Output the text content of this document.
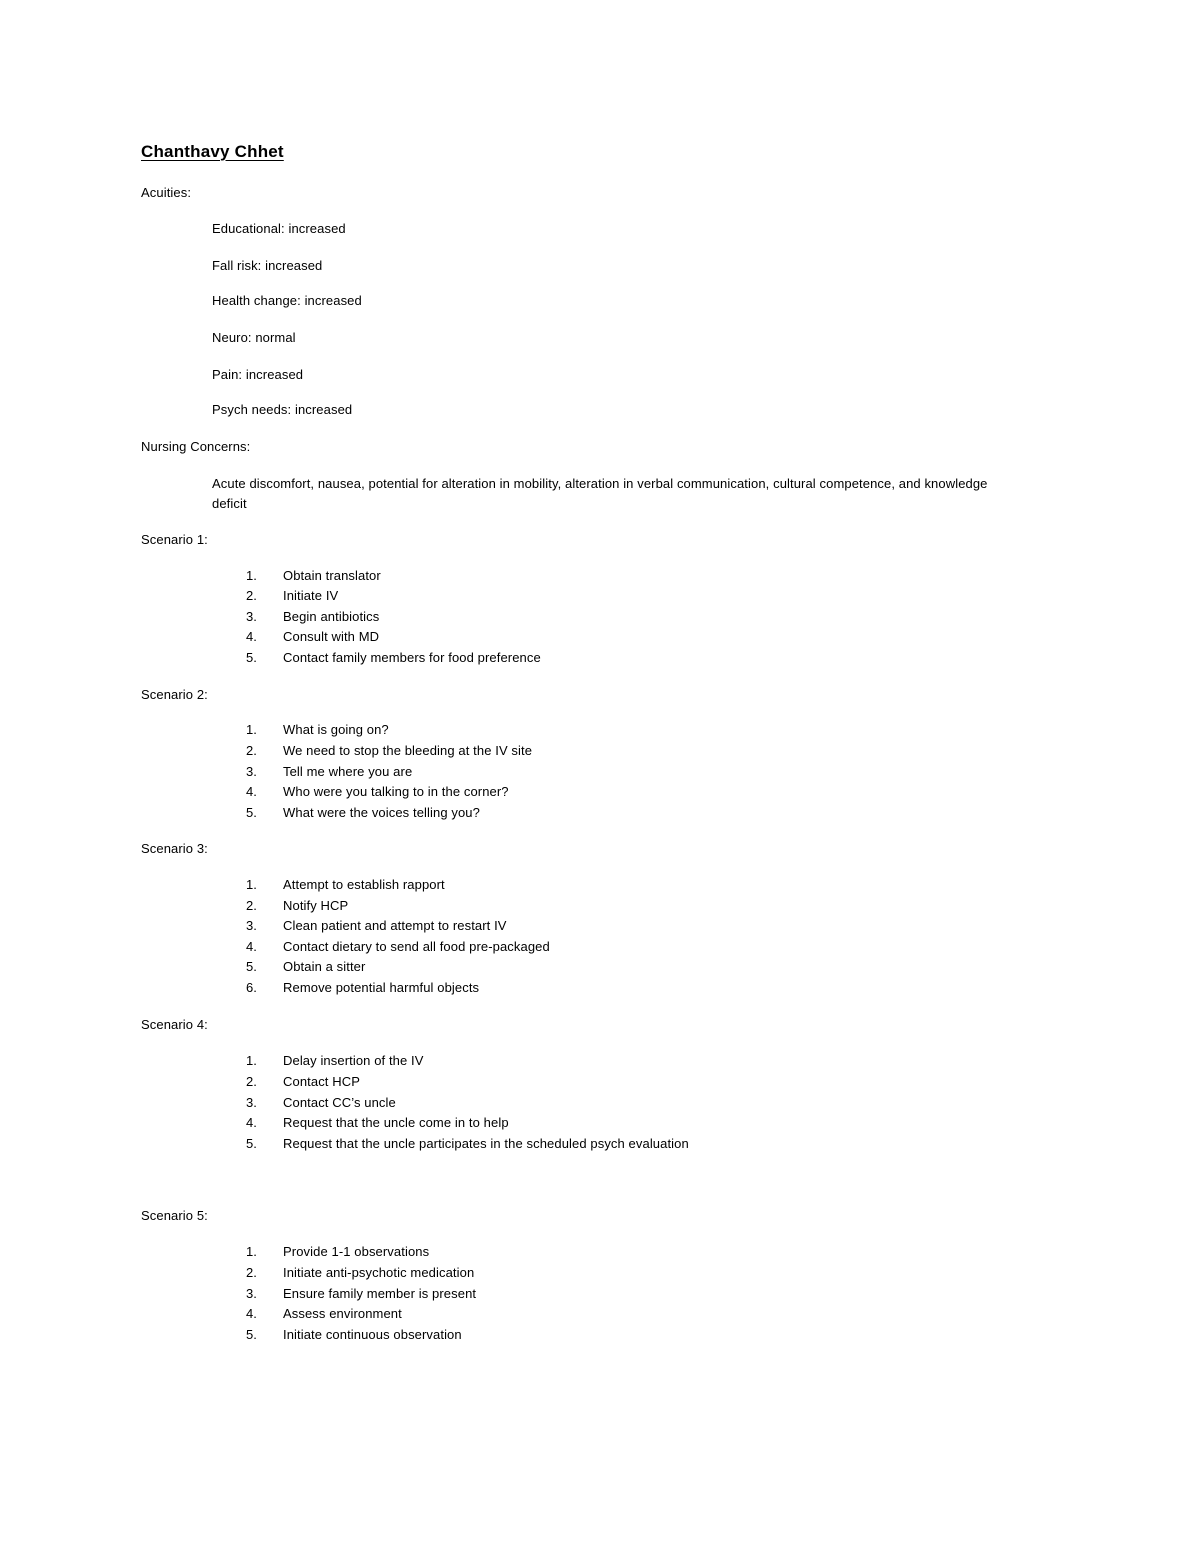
Chanthavy Chhet
Acuities:
Educational: increased
Fall risk: increased
Health change: increased
Neuro: normal
Pain: increased
Psych needs: increased
Nursing Concerns:
Acute discomfort, nausea, potential for alteration in mobility, alteration in verbal communication, cultural competence, and knowledge deficit
Scenario 1:
1.	Obtain translator
2.	Initiate IV
3.	Begin antibiotics
4.	Consult with MD
5.	Contact family members for food preference
Scenario 2:
1.	What is going on?
2.	We need to stop the bleeding at the IV site
3.	Tell me where you are
4.	Who were you talking to in the corner?
5.	What were the voices telling you?
Scenario 3:
1.	Attempt to establish rapport
2.	Notify HCP
3.	Clean patient and attempt to restart IV
4.	Contact dietary to send all food pre-packaged
5.	Obtain a sitter
6.	Remove potential harmful objects
Scenario 4:
1.	Delay insertion of the IV
2.	Contact HCP
3.	Contact CC’s uncle
4.	Request that the uncle come in to help
5.	Request that the uncle participates in the scheduled psych evaluation
Scenario 5:
1.	Provide 1-1 observations
2.	Initiate anti-psychotic medication
3.	Ensure family member is present
4.	Assess environment
5.	Initiate continuous observation
